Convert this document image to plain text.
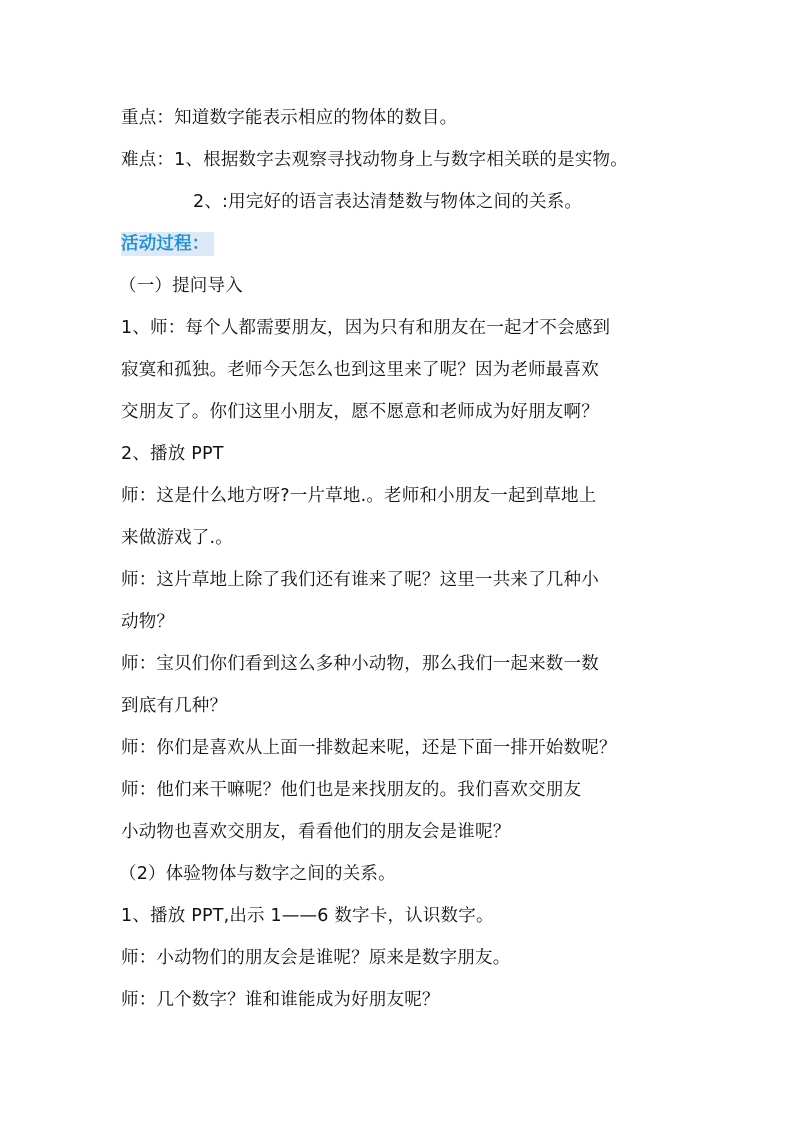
重点：知道数字能表示相应的物体的数目。
难点：1、根据数字去观察寻找动物身上与数字相关联的是实物。
2、:用完好的语言表达清楚数与物体之间的关系。
活动过程：
（一）提问导入
1、师：每个人都需要朋友，因为只有和朋友在一起才不会感到
寂寞和孤独。老师今天怎么也到这里来了呢？因为老师最喜欢
交朋友了。你们这里小朋友，愿不愿意和老师成为好朋友啊？
2、播放 PPT
师：这是什么地方呀?一片草地.。老师和小朋友一起到草地上
来做游戏了.。
师：这片草地上除了我们还有谁来了呢？这里一共来了几种小
动物？
师：宝贝们你们看到这么多种小动物，那么我们一起来数一数
到底有几种？
师：你们是喜欢从上面一排数起来呢，还是下面一排开始数呢？
师：他们来干嘛呢？他们也是来找朋友的。我们喜欢交朋友
小动物也喜欢交朋友，看看他们的朋友会是谁呢？
（2）体验物体与数字之间的关系。
1、播放 PPT,出示 1——6 数字卡，认识数字。
师：小动物们的朋友会是谁呢？原来是数字朋友。
师：几个数字？谁和谁能成为好朋友呢？
